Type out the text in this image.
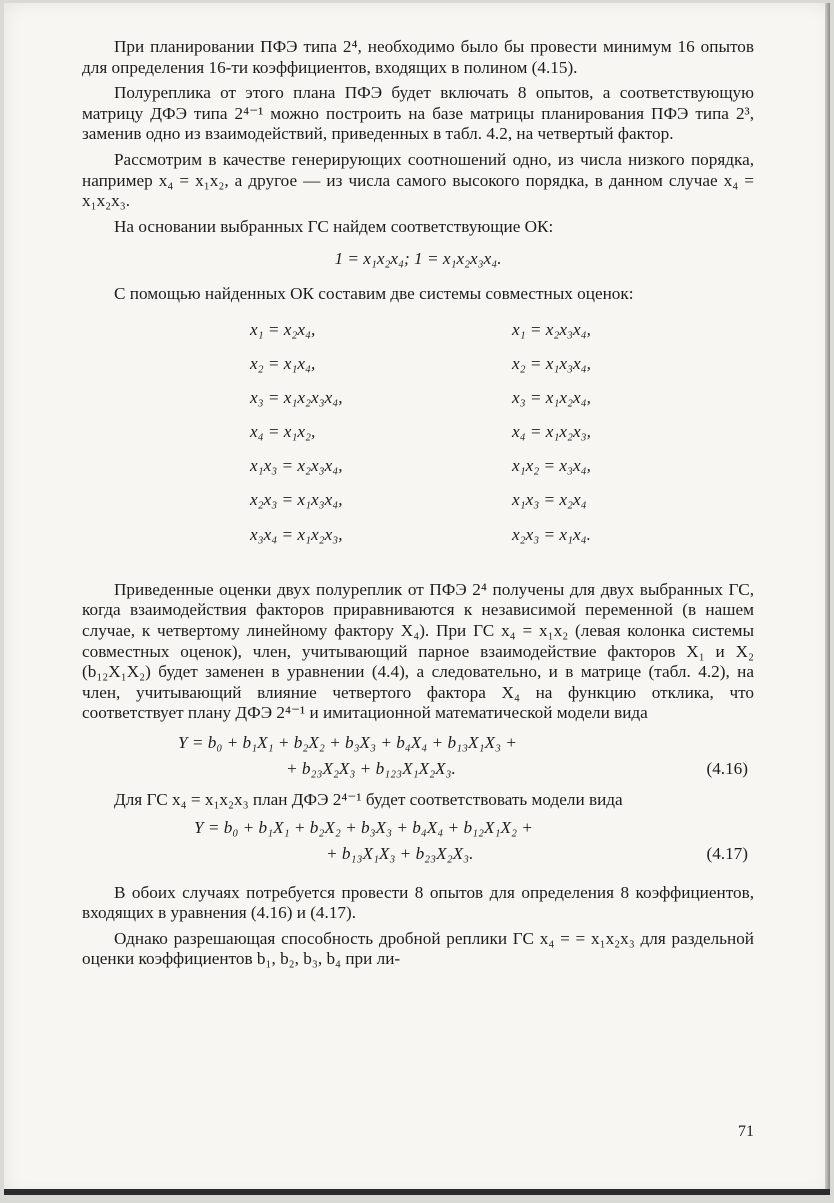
При планировании ПФЭ типа 2⁴, необходимо было бы провести минимум 16 опытов для определения 16-ти коэффициентов, входящих в полином (4.15).

Полуреплика от этого плана ПФЭ будет включать 8 опытов, а соответствующую матрицу ДФЭ типа 2⁴⁻¹ можно построить на базе матрицы планирования ПФЭ типа 2³, заменив одно из взаимодействий, приведенных в табл. 4.2, на четвертый фактор.

Рассмотрим в качестве генерирующих соотношений одно, из числа низкого порядка, например x₄ = x₁x₂, а другое — из числа самого высокого порядка, в данном случае x₄ = x₁x₂x₃.

На основании выбранных ГС найдем соответствующие ОК:

1 = x₁x₂x₄; 1 = x₁x₂x₃x₄.

С помощью найденных ОК составим две системы совместных оценок:

x₁ = x₂x₄,	x₁ = x₂x₃x₄,
x₂ = x₁x₄,	x₂ = x₁x₃x₄,
x₃ = x₁x₂x₃x₄,	x₃ = x₁x₂x₄,
x₄ = x₁x₂,	x₄ = x₁x₂x₃,
x₁x₃ = x₂x₃x₄,	x₁x₂ = x₃x₄,
x₂x₃ = x₁x₃x₄,	x₁x₃ = x₂x₄
x₃x₄ = x₁x₂x₃,	x₂x₃ = x₁x₄.

Приведенные оценки двух полуреплик от ПФЭ 2⁴ получены для двух выбранных ГС, когда взаимодействия факторов приравниваются к независимой переменной (в нашем случае, к четвертому линейному фактору X₄). При ГС x₄ = x₁x₂ (левая колонка системы совместных оценок), член, учитывающий парное взаимодействие факторов X₁ и X₂ (b₁₂X₁X₂) будет заменен в уравнении (4.4), а следовательно, и в матрице (табл. 4.2), на член, учитывающий влияние четвертого фактора X₄ на функцию отклика, что соответствует плану ДФЭ 2⁴⁻¹ и имитационной математической модели вида

Y = b₀ + b₁X₁ + b₂X₂ + b₃X₃ + b₄X₄ + b₁₃X₁X₃ +
+ b₂₃X₂X₃ + b₁₂₃X₁X₂X₃.	(4.16)

Для ГС x₄ = x₁x₂x₃ план ДФЭ 2⁴⁻¹ будет соответствовать модели вида

Y = b₀ + b₁X₁ + b₂X₂ + b₃X₃ + b₄X₄ + b₁₂X₁X₂ +
+ b₁₃X₁X₃ + b₂₃X₂X₃.	(4.17)

В обоих случаях потребуется провести 8 опытов для определения 8 коэффициентов, входящих в уравнения (4.16) и (4.17).

Однако разрешающая способность дробной реплики ГС x₄ = = x₁x₂x₃ для раздельной оценки коэффициентов b₁, b₂, b₃, b₄ при ли-

71
